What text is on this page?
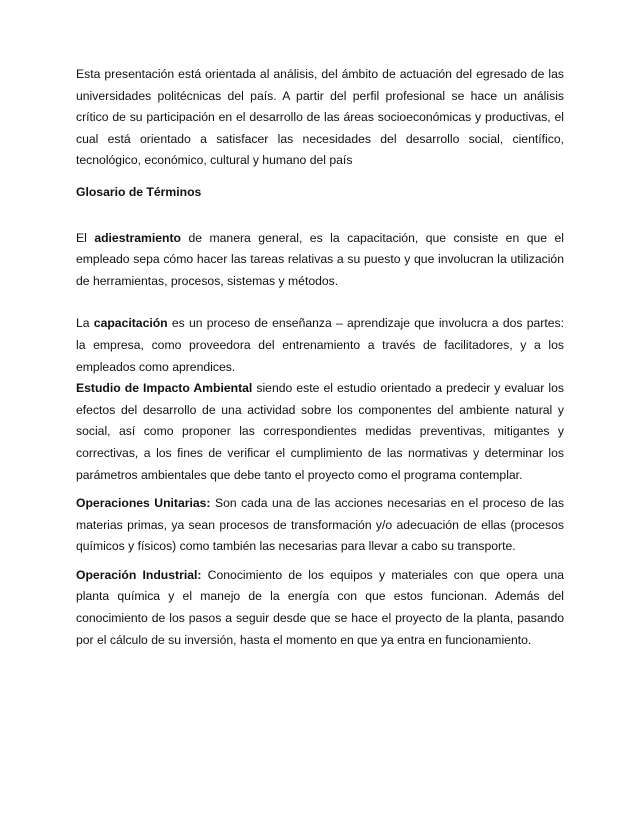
Esta presentación está orientada al análisis, del ámbito de actuación del egresado de las universidades politécnicas del país. A partir del perfil profesional se hace un análisis crítico de su participación en el desarrollo de las áreas socioeconómicas y productivas, el cual está orientado a satisfacer las necesidades del desarrollo social, científico, tecnológico, económico, cultural y humano del país

Glosario de Términos

El adiestramiento de manera general, es la capacitación, que consiste en que el empleado sepa cómo hacer las tareas relativas a su puesto y que involucran la utilización de herramientas, procesos, sistemas y métodos.

La capacitación es un proceso de enseñanza – aprendizaje que involucra a dos partes: la empresa, como proveedora del entrenamiento a través de facilitadores, y a los empleados como aprendices.

Estudio de Impacto Ambiental siendo este el estudio orientado a predecir y evaluar los efectos del desarrollo de una actividad sobre los componentes del ambiente natural y social, así como proponer las correspondientes medidas preventivas, mitigantes y correctivas, a los fines de verificar el cumplimiento de las normativas y determinar los parámetros ambientales que debe tanto el proyecto como el programa contemplar.

Operaciones Unitarias: Son cada una de las acciones necesarias en el proceso de las materias primas, ya sean procesos de transformación y/o adecuación de ellas (procesos químicos y físicos) como también las necesarias para llevar a cabo su transporte.

Operación Industrial: Conocimiento de los equipos y materiales con que opera una planta química y el manejo de la energía con que estos funcionan. Además del conocimiento de los pasos a seguir desde que se hace el proyecto de la planta, pasando por el cálculo de su inversión, hasta el momento en que ya entra en funcionamiento.
